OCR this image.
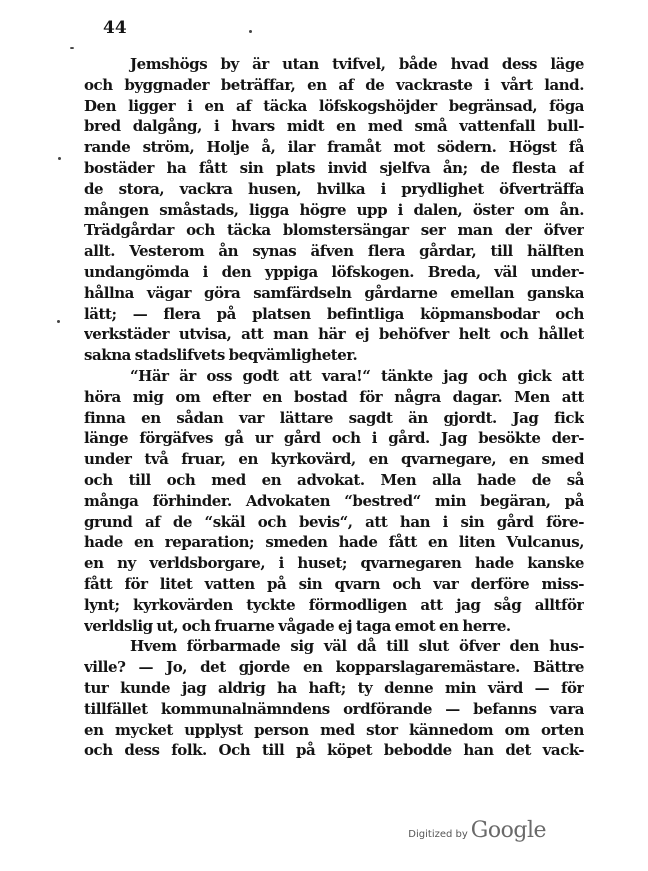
44
Jemshögs by är utan tvifvel, både hvad dess läge
och byggnader beträffar, en af de vackraste i vårt land.
Den ligger i en af täcka löfskogshöjder begränsad, föga
bred dalgång, i hvars midt en med små vattenfall bull-
rande ström, Holje å, ilar framåt mot södern. Högst få
bostäder ha fått sin plats invid sjelfva ån; de flesta af
de stora, vackra husen, hvilka i prydlighet öfverträffa
mången småstads, ligga högre upp i dalen, öster om ån.
Trädgårdar och täcka blomstersängar ser man der öfver
allt. Vesterom ån synas äfven flera gårdar, till hälften
undangömda i den yppiga löfskogen. Breda, väl under-
hållna vägar göra samfärdseln gårdarne emellan ganska
lätt; — flera på platsen befintliga köpmansbodar och
verkstäder utvisa, att man här ej behöfver helt och hållet
sakna stadslifvets beqvämligheter.
“Här är oss godt att vara!“ tänkte jag och gick att
höra mig om efter en bostad för några dagar. Men att
finna en sådan var lättare sagdt än gjordt. Jag fick
länge förgäfves gå ur gård och i gård. Jag besökte der-
under två fruar, en kyrkovärd, en qvarnegare, en smed
och till och med en advokat. Men alla hade de så
många förhinder. Advokaten “bestred“ min begäran, på
grund af de “skäl och bevis“, att han i sin gård före-
hade en reparation; smeden hade fått en liten Vulcanus,
en ny verldsborgare, i huset; qvarnegaren hade kanske
fått för litet vatten på sin qvarn och var derföre miss-
lynt; kyrkovärden tyckte förmodligen att jag såg alltför
verldslig ut, och fruarne vågade ej taga emot en herre.
Hvem förbarmade sig väl då till slut öfver den hus-
ville? — Jo, det gjorde en kopparslagaremästare. Bättre
tur kunde jag aldrig ha haft; ty denne min värd — för
tillfället kommunalnämndens ordförande — befanns vara
en mycket upplyst person med stor kännedom om orten
och dess folk. Och till på köpet bebodde han det vack-
Digitized by Google
